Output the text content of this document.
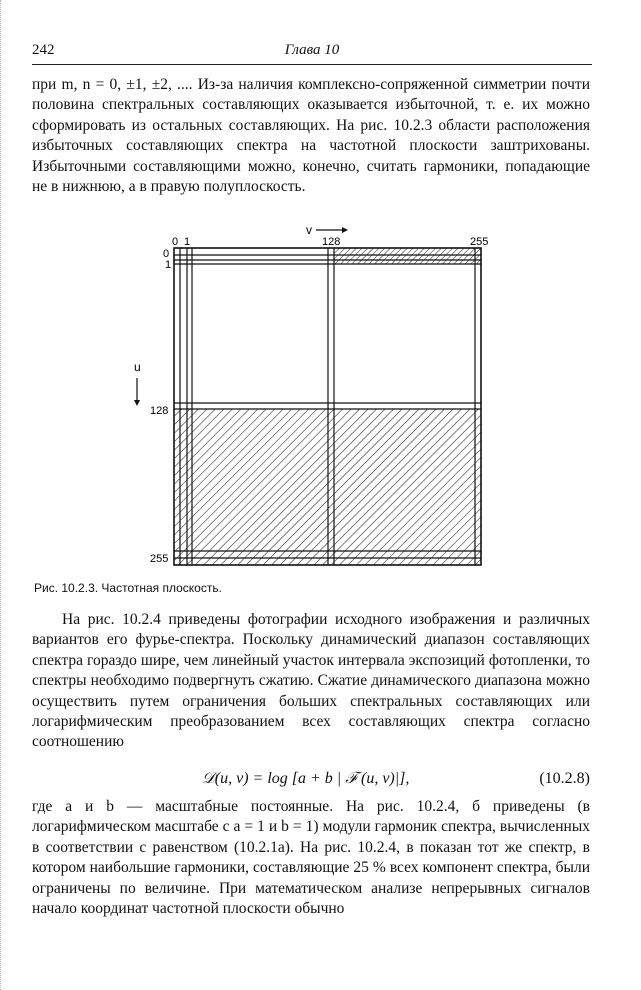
242	Глава 10

при m, n = 0, ±1, ±2, .... Из-за наличия комплексно-сопряженной симметрии почти половина спектральных составляющих оказывается избыточной, т. е. их можно сформировать из остальных составляющих. На рис. 10.2.3 области расположения избыточных составляющих спектра на частотной плоскости заштрихованы. Избыточными составляющими можно, конечно, считать гармоники, попадающие не в нижнюю, а в правую полуплоскость.

v
u
0 1	128	255
0
1
128
255
Рис. 10.2.3. Частотная плоскость.

На рис. 10.2.4 приведены фотографии исходного изображения и различных вариантов его фурье-спектра. Поскольку динамический диапазон составляющих спектра гораздо шире, чем линейный участок интервала экспозиций фотопленки, то спектры необходимо подвергнуть сжатию. Сжатие динамического диапазона можно осуществить путем ограничения больших спектральных составляющих или логарифмическим преобразованием всех составляющих спектра согласно соотношению

𝒟(u, v) = log [a + b | ℱ (u, v)|],	(10.2.8)

где a и b — масштабные постоянные. На рис. 10.2.4, б приведены (в логарифмическом масштабе с a = 1 и b = 1) модули гармоник спектра, вычисленных в соответствии с равенством (10.2.1а). На рис. 10.2.4, в показан тот же спектр, в котором наибольшие гармоники, составляющие 25 % всех компонент спектра, были ограничены по величине. При математическом анализе непрерывных сигналов начало координат частотной плоскости обычно
